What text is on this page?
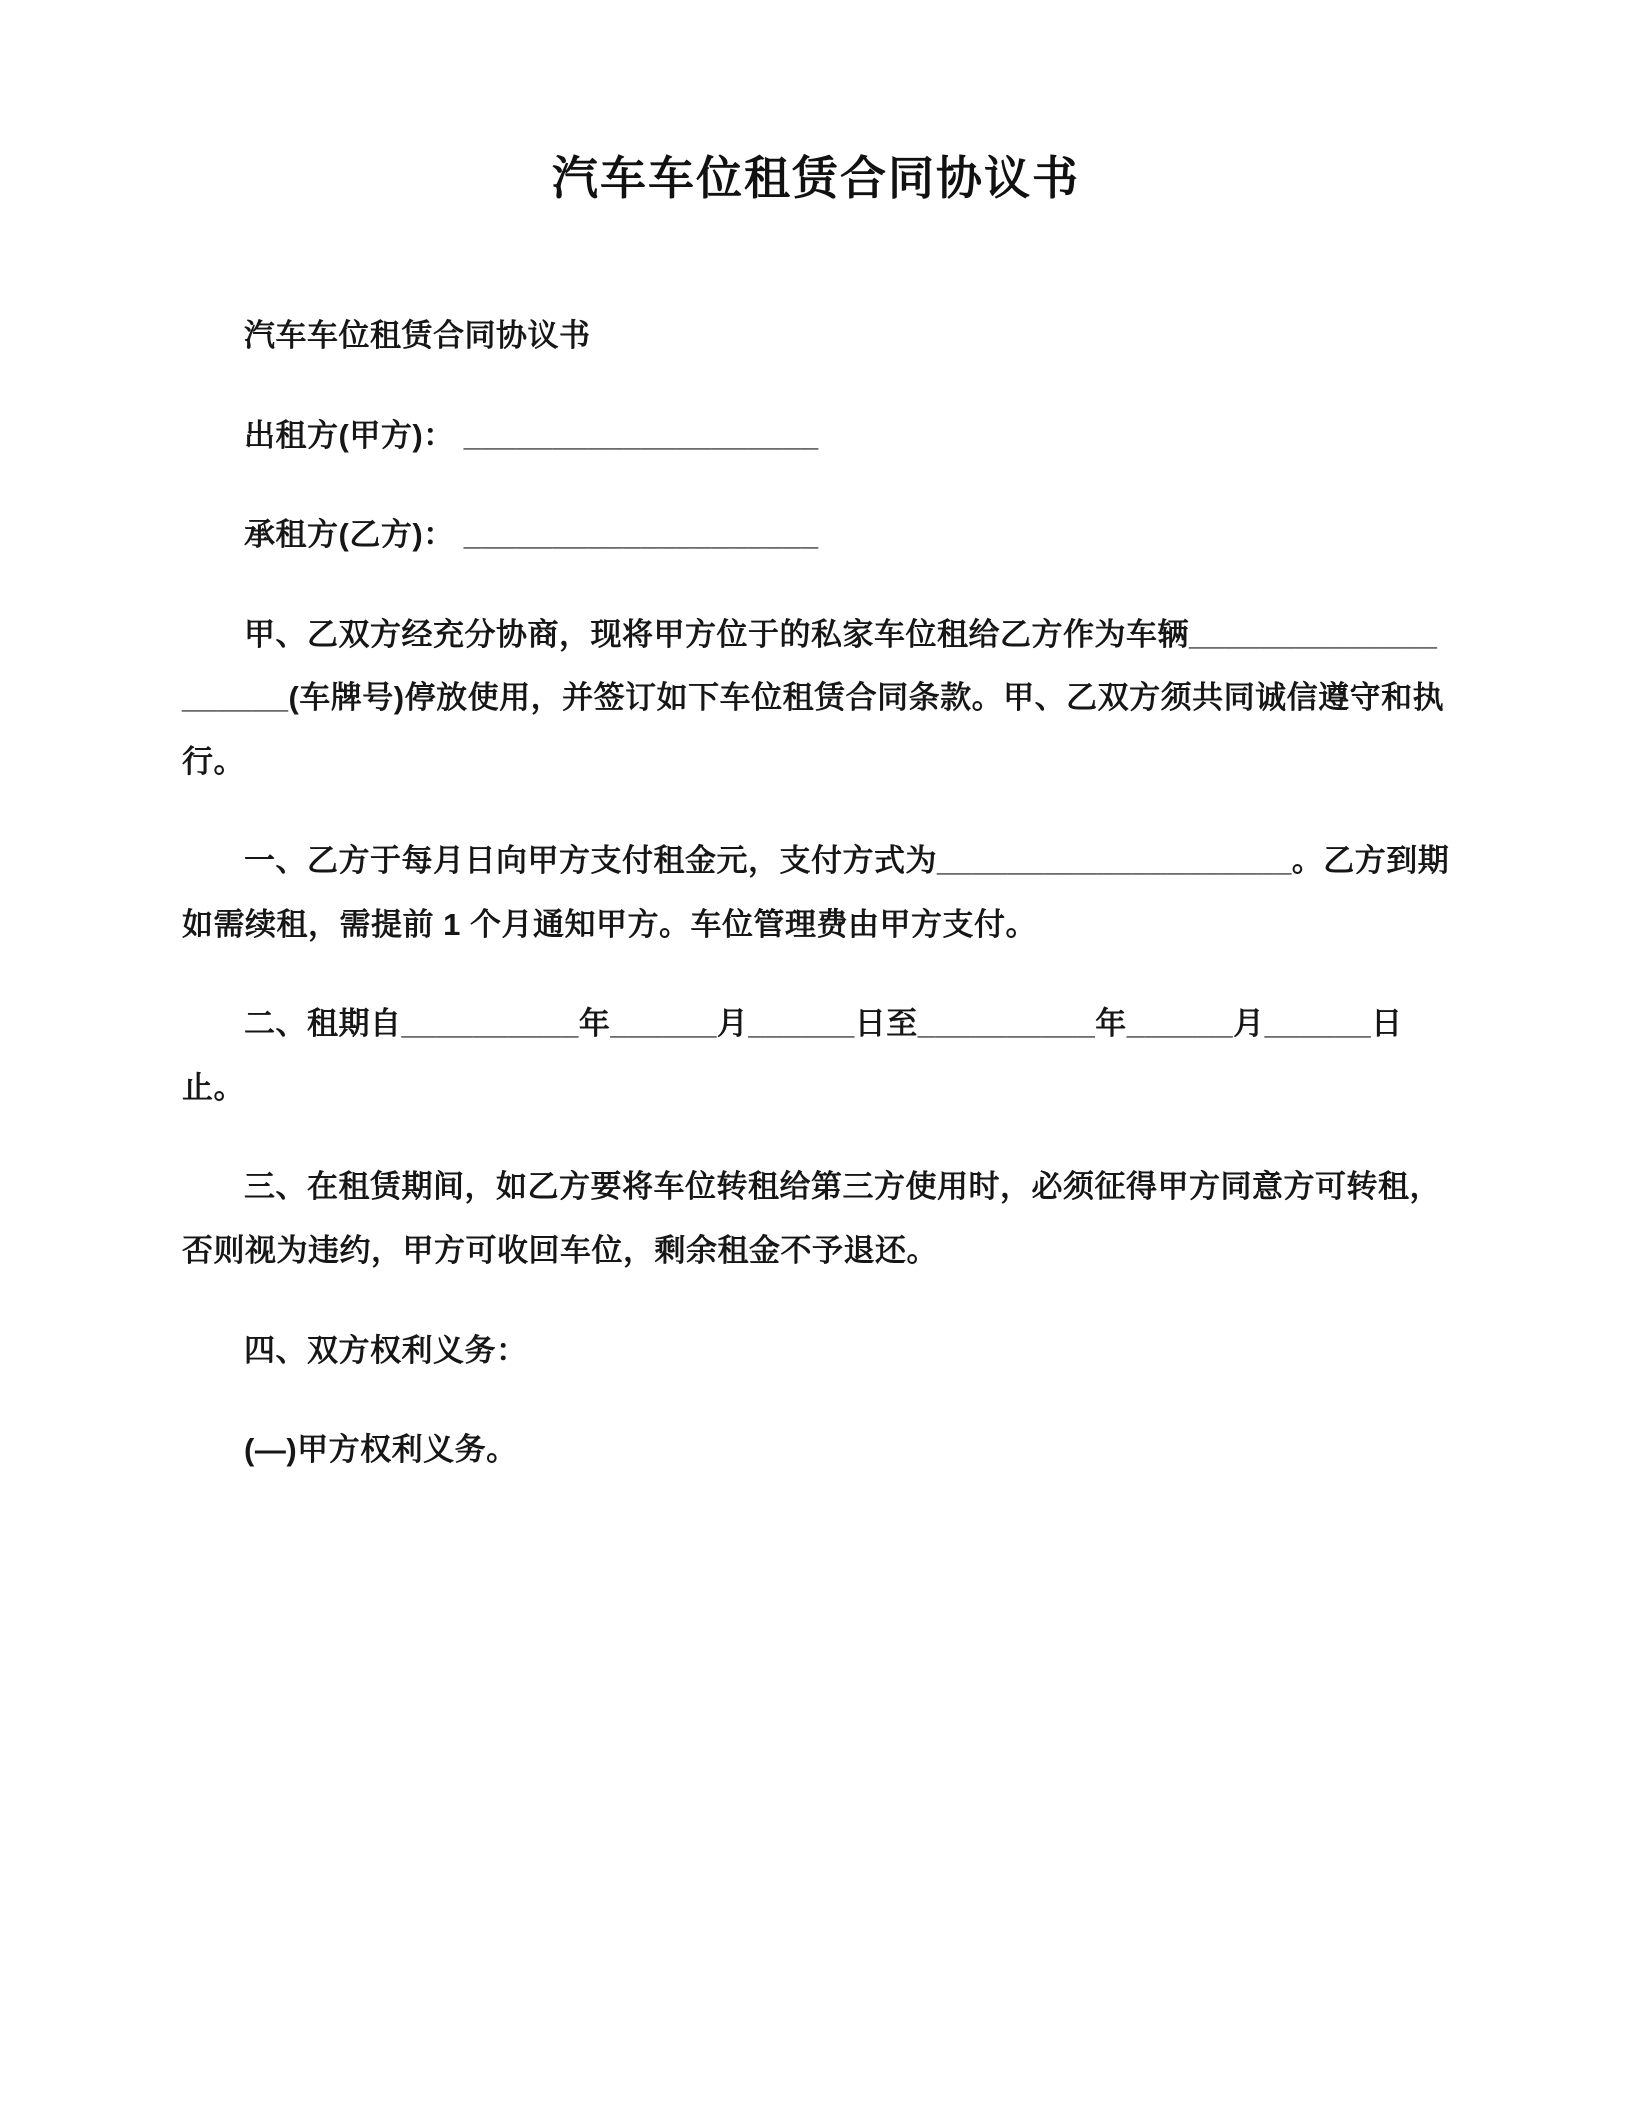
汽车车位租赁合同协议书

汽车车位租赁合同协议书

出租方(甲方)： ____________________

承租方(乙方)： ____________________

甲、乙双方经充分协商，现将甲方位于的私家车位租给乙方作为车辆____________________(车牌号)停放使用，并签订如下车位租赁合同条款。甲、乙双方须共同诚信遵守和执行。

一、乙方于每月日向甲方支付租金元，支付方式为____________________。乙方到期如需续租，需提前 1 个月通知甲方。车位管理费由甲方支付。

二、租期自__________年______月______日至__________年______月______日止。

三、在租赁期间，如乙方要将车位转租给第三方使用时，必须征得甲方同意方可转租，否则视为违约，甲方可收回车位，剩余租金不予退还。

四、双方权利义务：

(—)甲方权利义务。
